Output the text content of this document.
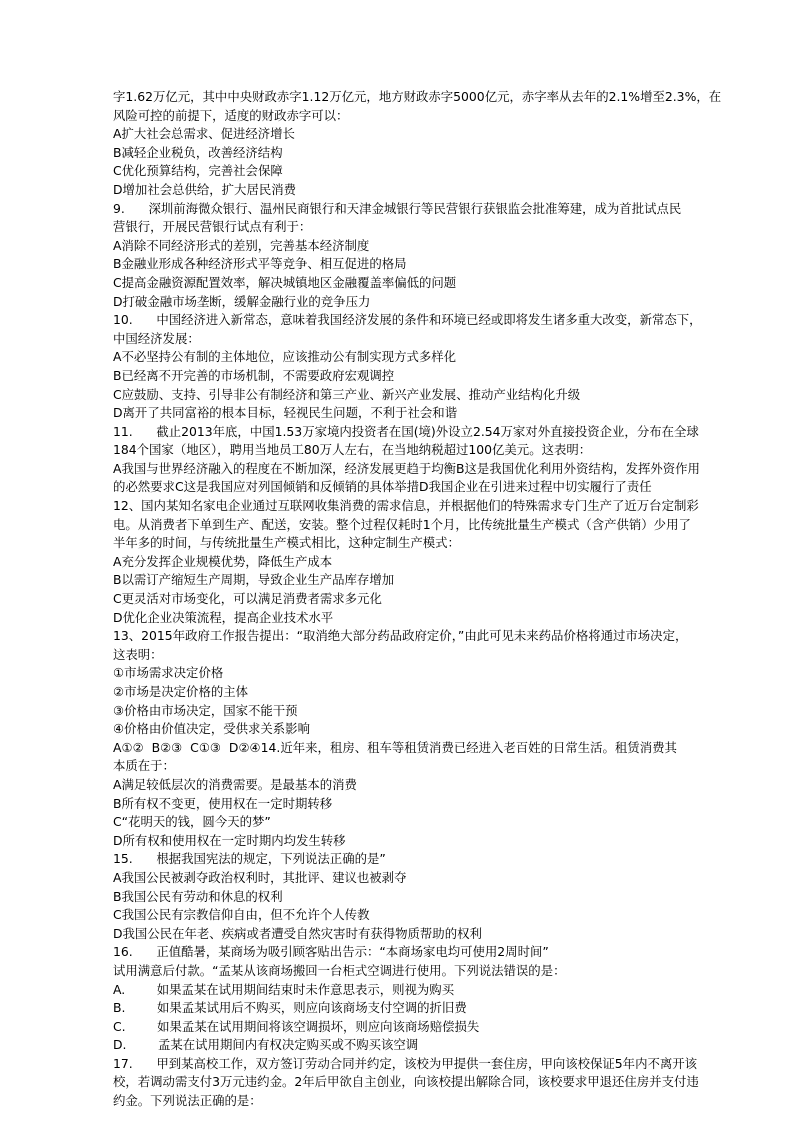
字1.62万亿元，其中中央财政赤字1.12万亿元，地方财政赤字5000亿元，赤字率从去年的2.1%增至2.3%，在
风险可控的前提下，适度的财政赤字可以：
A扩大社会总需求、促进经济增长
B减轻企业税负，改善经济结构
C优化预算结构，完善社会保障
D增加社会总供给，扩大居民消费
9.      深圳前海微众银行、温州民商银行和天津金城银行等民营银行获银监会批准筹建，成为首批试点民
营银行，开展民营银行试点有利于：
A消除不同经济形式的差别，完善基本经济制度
B金融业形成各种经济形式平等竞争、相互促进的格局
C提高金融资源配置效率，解决城镇地区金融覆盖率偏低的问题
D打破金融市场垄断，缓解金融行业的竞争压力
10.      中国经济进入新常态，意味着我国经济发展的条件和环境已经或即将发生诸多重大改变，新常态下，
中国经济发展：
A不必坚持公有制的主体地位，应该推动公有制实现方式多样化
B已经离不开完善的市场机制，不需要政府宏观调控
C应鼓励、支持、引导非公有制经济和第三产业、新兴产业发展、推动产业结构化升级
D离开了共同富裕的根本目标，轻视民生问题，不利于社会和谐
11.      截止2013年底，中国1.53万家境内投资者在国(境)外设立2.54万家对外直接投资企业，分布在全球
184个国家（地区），聘用当地员工80万人左右，在当地纳税超过100亿美元。这表明：
A我国与世界经济融入的程度在不断加深，经济发展更趋于均衡B这是我国优化利用外资结构，发挥外资作用
的必然要求C这是我国应对列国倾销和反倾销的具体举措D我国企业在引进来过程中切实履行了责任
12、国内某知名家电企业通过互联网收集消费的需求信息，并根据他们的特殊需求专门生产了近万台定制彩
电。从消费者下单到生产、配送，安装。整个过程仅耗时1个月，比传统批量生产模式（含产供销）少用了
半年多的时间，与传统批量生产模式相比，这种定制生产模式：
A充分发挥企业规模优势，降低生产成本
B以需订产缩短生产周期，导致企业生产品库存增加
C更灵活对市场变化，可以满足消费者需求多元化
D优化企业决策流程，提高企业技术水平
13、2015年政府工作报告提出：“取消绝大部分药品政府定价，”由此可见未来药品价格将通过市场决定，
这表明：
①市场需求决定价格
②市场是决定价格的主体
③价格由市场决定，国家不能干预
④价格由价值决定，受供求关系影响
A①②  B②③  C①③  D②④14.近年来，租房、租车等租赁消费已经进入老百姓的日常生活。租赁消费其
本质在于：
A满足较低层次的消费需要。是最基本的消费
B所有权不变更，使用权在一定时期转移
C“花明天的钱，圆今天的梦”
D所有权和使用权在一定时期内均发生转移
15.      根据我国宪法的规定，下列说法正确的是”
A我国公民被剥夺政治权利时，其批评、建议也被剥夺
B我国公民有劳动和休息的权利
C我国公民有宗教信仰自由，但不允许个人传教
D我国公民在年老、疾病或者遭受自然灾害时有获得物质帮助的权利
16.      正值酷暑，某商场为吸引顾客贴出告示：“本商场家电均可使用2周时间”
试用满意后付款。“孟某从该商场搬回一台柜式空调进行使用。下列说法错误的是：
A.        如果孟某在试用期间结束时未作意思表示，则视为购买
B.        如果孟某试用后不购买，则应向该商场支付空调的折旧费
C.        如果孟某在试用期间将该空调损坏，则应向该商场赔偿损失
D.        孟某在试用期间内有权决定购买或不购买该空调
17.      甲到某高校工作，双方签订劳动合同并约定，该校为甲提供一套住房，甲向该校保证5年内不离开该
校，若调动需支付3万元违约金。2年后甲欲自主创业，向该校提出解除合同，该校要求甲退还住房并支付违
约金。下列说法正确的是：
